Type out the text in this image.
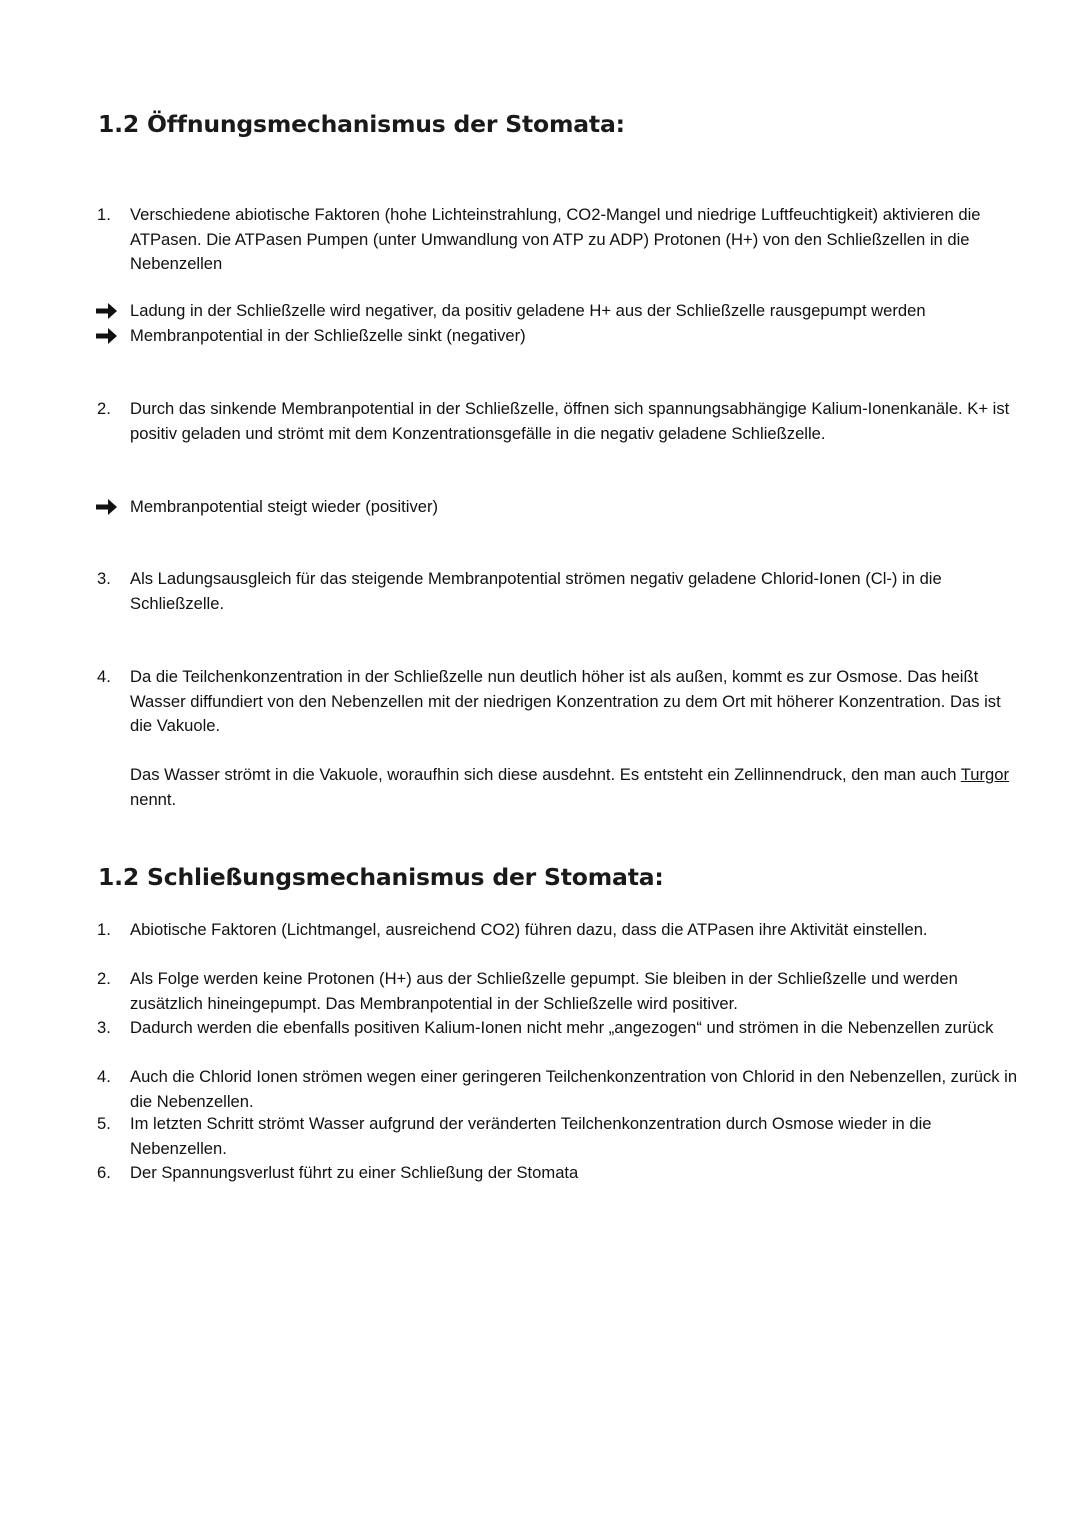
1.2 Öffnungsmechanismus der Stomata:
1. Verschiedene abiotische Faktoren (hohe Lichteinstrahlung, CO2-Mangel und niedrige Luftfeuchtigkeit) aktivieren die ATPasen. Die ATPasen Pumpen (unter Umwandlung von ATP zu ADP) Protonen (H+) von den Schließzellen in die Nebenzellen
Ladung in der Schließzelle wird negativer, da positiv geladene H+ aus der Schließzelle rausgepumpt werden
Membranpotential in der Schließzelle sinkt (negativer)
2. Durch das sinkende Membranpotential in der Schließzelle, öffnen sich spannungsabhängige Kalium-Ionenkanäle. K+ ist positiv geladen und strömt mit dem Konzentrationsgefälle in die negativ geladene Schließzelle.
Membranpotential steigt wieder (positiver)
3. Als Ladungsausgleich für das steigende Membranpotential strömen negativ geladene Chlorid-Ionen (Cl-) in die Schließzelle.
4. Da die Teilchenkonzentration in der Schließzelle nun deutlich höher ist als außen, kommt es zur Osmose. Das heißt Wasser diffundiert von den Nebenzellen mit der niedrigen Konzentration zu dem Ort mit höherer Konzentration. Das ist die Vakuole.
Das Wasser strömt in die Vakuole, woraufhin sich diese ausdehnt. Es entsteht ein Zellinnendruck, den man auch Turgor nennt.
1.2 Schließungsmechanismus der Stomata:
1. Abiotische Faktoren (Lichtmangel, ausreichend CO2) führen dazu, dass die ATPasen ihre Aktivität einstellen.
2. Als Folge werden keine Protonen (H+) aus der Schließzelle gepumpt. Sie bleiben in der Schließzelle und werden zusätzlich hineingepumpt. Das Membranpotential in der Schließzelle wird positiver.
3. Dadurch werden die ebenfalls positiven Kalium-Ionen nicht mehr „angezogen“ und strömen in die Nebenzellen zurück
4. Auch die Chlorid Ionen strömen wegen einer geringeren Teilchenkonzentration von Chlorid in den Nebenzellen, zurück in die Nebenzellen.
5. Im letzten Schritt strömt Wasser aufgrund der veränderten Teilchenkonzentration durch Osmose wieder in die Nebenzellen.
6. Der Spannungsverlust führt zu einer Schließung der Stomata
